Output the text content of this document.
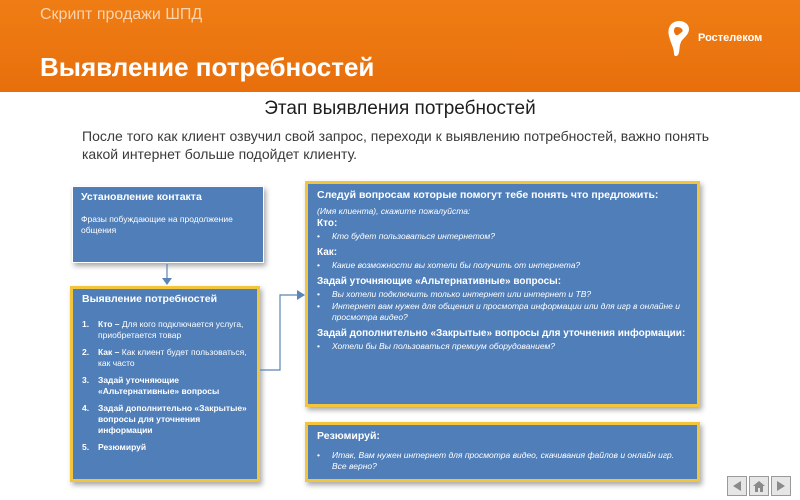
Скрипт продажи ШПД
Выявление потребностей
Ростелеком
Этап выявления потребностей
После того как клиент озвучил свой запрос, переходи к выявлению потребностей, важно понять какой интернет больше подойдет клиенту.
Установление контакта
Фразы побуждающие на продолжение общения
Выявление потребностей
1.	Кто – Для кого подключается услуга, приобретается товар
2.	Как – Как клиент будет пользоваться, как часто
3.	Задай уточняющие «Альтернативные» вопросы
4.	Задай дополнительно «Закрытые» вопросы для уточнения информации
5.	Резюмируй
Следуй вопросам которые помогут тебе понять что предложить:
(Имя клиента), скажите пожалуйста:
Кто:
•	Кто будет пользоваться интернетом?
Как:
•	Какие возможности вы хотели бы получить от интернета?
Задай уточняющие «Альтернативные» вопросы:
•	Вы хотели подключить только интернет или интернет и ТВ?
•	Интернет вам нужен для общения и просмотра информации или для игр в онлайне и просмотра видео?
Задай дополнительно «Закрытые» вопросы для уточнения информации:
•	Хотели бы Вы пользоваться премиум оборудованием?
Резюмируй:
•	Итак, Вам нужен интернет для просмотра видео, скачивания файлов и онлайн игр. Все верно?
